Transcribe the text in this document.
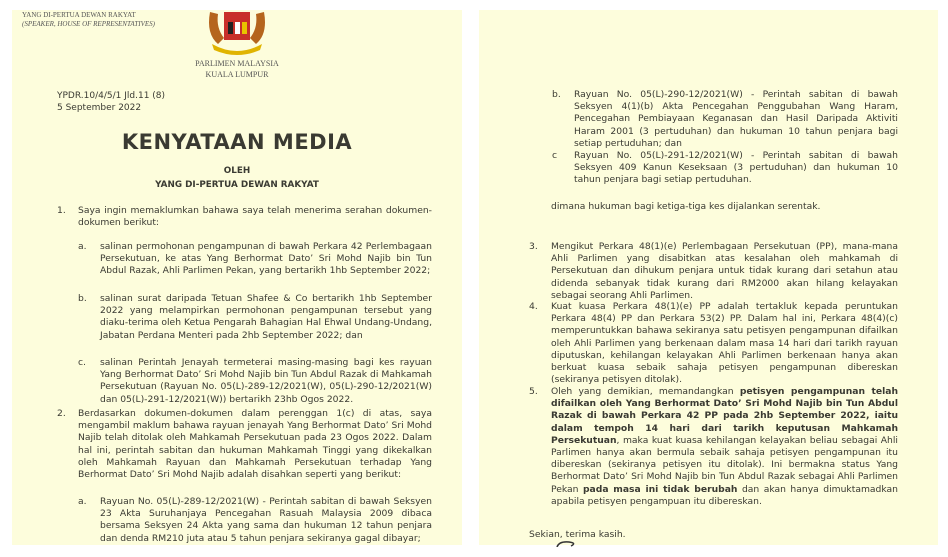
YANG DI-PERTUA DEWAN RAKYAT
(SPEAKER, HOUSE OF REPRESENTATIVES)
PARLIMEN MALAYSIA
KUALA LUMPUR
YPDR.10/4/5/1 Jld.11 (8)
5 September 2022
KENYATAAN MEDIA
OLEH
YANG DI-PERTUA DEWAN RAKYAT
1. Saya ingin memaklumkan bahawa saya telah menerima serahan dokumen-dokumen berikut:
a. salinan permohonan pengampunan di bawah Perkara 42 Perlembagaan Persekutuan, ke atas Yang Berhormat Dato’ Sri Mohd Najib bin Tun Abdul Razak, Ahli Parlimen Pekan, yang bertarikh 1hb September 2022;
b. salinan surat daripada Tetuan Shafee & Co bertarikh 1hb September 2022 yang melampirkan permohonan pengampunan tersebut yang diaku-terima oleh Ketua Pengarah Bahagian Hal Ehwal Undang-Undang, Jabatan Perdana Menteri pada 2hb September 2022; dan
c. salinan Perintah Jenayah termeterai masing-masing bagi kes rayuan Yang Berhormat Dato’ Sri Mohd Najib bin Tun Abdul Razak di Mahkamah Persekutuan (Rayuan No. 05(L)-289-12/2021(W), 05(L)-290-12/2021(W) dan 05(L)-291-12/2021(W)) bertarikh 23hb Ogos 2022.
2. Berdasarkan dokumen-dokumen dalam perenggan 1(c) di atas, saya mengambil maklum bahawa rayuan jenayah Yang Berhormat Dato’ Sri Mohd Najib telah ditolak oleh Mahkamah Persekutuan pada 23 Ogos 2022. Dalam hal ini, perintah sabitan dan hukuman Mahkamah Tinggi yang dikekalkan oleh Mahkamah Rayuan dan Mahkamah Persekutuan terhadap Yang Berhormat Dato’ Sri Mohd Najib adalah disahkan seperti yang berikut:
a. Rayuan No. 05(L)-289-12/2021(W) - Perintah sabitan di bawah Seksyen 23 Akta Suruhanjaya Pencegahan Rasuah Malaysia 2009 dibaca bersama Seksyen 24 Akta yang sama dan hukuman 12 tahun penjara dan denda RM210 juta atau 5 tahun penjara sekiranya gagal dibayar;
b. Rayuan No. 05(L)-290-12/2021(W) - Perintah sabitan di bawah Seksyen 4(1)(b) Akta Pencegahan Penggubahan Wang Haram, Pencegahan Pembiayaan Keganasan dan Hasil Daripada Aktiviti Haram 2001 (3 pertuduhan) dan hukuman 10 tahun penjara bagi setiap pertuduhan; dan
c Rayuan No. 05(L)-291-12/2021(W) - Perintah sabitan di bawah Seksyen 409 Kanun Keseksaan (3 pertuduhan) dan hukuman 10 tahun penjara bagi setiap pertuduhan.
dimana hukuman bagi ketiga-tiga kes dijalankan serentak.
3. Mengikut Perkara 48(1)(e) Perlembagaan Persekutuan (PP), mana-mana Ahli Parlimen yang disabitkan atas kesalahan oleh mahkamah di Persekutuan dan dihukum penjara untuk tidak kurang dari setahun atau didenda sebanyak tidak kurang dari RM2000 akan hilang kelayakan sebagai seorang Ahli Parlimen.
4. Kuat kuasa Perkara 48(1)(e) PP adalah tertakluk kepada peruntukan Perkara 48(4) PP dan Perkara 53(2) PP. Dalam hal ini, Perkara 48(4)(c) memperuntukkan bahawa sekiranya satu petisyen pengampunan difailkan oleh Ahli Parlimen yang berkenaan dalam masa 14 hari dari tarikh rayuan diputuskan, kehilangan kelayakan Ahli Parlimen berkenaan hanya akan berkuat kuasa sebaik sahaja petisyen pengampunan dibereskan (sekiranya petisyen ditolak).
5. Oleh yang demikian, memandangkan petisyen pengampunan telah difailkan oleh Yang Berhormat Dato’ Sri Mohd Najib bin Tun Abdul Razak di bawah Perkara 42 PP pada 2hb September 2022, iaitu dalam tempoh 14 hari dari tarikh keputusan Mahkamah Persekutuan, maka kuat kuasa kehilangan kelayakan beliau sebagai Ahli Parlimen hanya akan bermula sebaik sahaja petisyen pengampunan itu dibereskan (sekiranya petisyen itu ditolak). Ini bermakna status Yang Berhormat Dato’ Sri Mohd Najib bin Tun Abdul Razak sebagai Ahli Parlimen Pekan pada masa ini tidak berubah dan akan hanya dimuktamadkan apabila petisyen pengampuan itu dibereskan.
Sekian, terima kasih.
